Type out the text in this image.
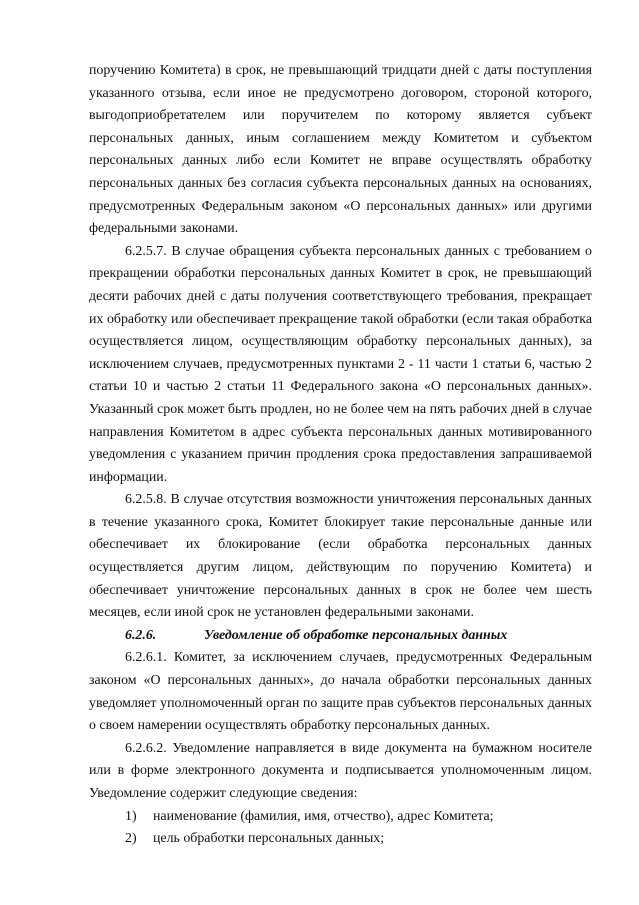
поручению Комитета) в срок, не превышающий тридцати дней с даты поступления указанного отзыва, если иное не предусмотрено договором, стороной которого, выгодоприобретателем или поручителем по которому является субъект персональных данных, иным соглашением между Комитетом и субъектом персональных данных либо если Комитет не вправе осуществлять обработку персональных данных без согласия субъекта персональных данных на основаниях, предусмотренных Федеральным законом «О персональных данных» или другими федеральными законами.

6.2.5.7. В случае обращения субъекта персональных данных с требованием о прекращении обработки персональных данных Комитет в срок, не превышающий десяти рабочих дней с даты получения соответствующего требования, прекращает их обработку или обеспечивает прекращение такой обработки (если такая обработка осуществляется лицом, осуществляющим обработку персональных данных), за исключением случаев, предусмотренных пунктами 2 - 11 части 1 статьи 6, частью 2 статьи 10 и частью 2 статьи 11 Федерального закона «О персональных данных». Указанный срок может быть продлен, но не более чем на пять рабочих дней в случае направления Комитетом в адрес субъекта персональных данных мотивированного уведомления с указанием причин продления срока предоставления запрашиваемой информации.

6.2.5.8. В случае отсутствия возможности уничтожения персональных данных в течение указанного срока, Комитет блокирует такие персональные данные или обеспечивает их блокирование (если обработка персональных данных осуществляется другим лицом, действующим по поручению Комитета) и обеспечивает уничтожение персональных данных в срок не более чем шесть месяцев, если иной срок не установлен федеральными законами.

6.2.6.	Уведомление об обработке персональных данных

6.2.6.1. Комитет, за исключением случаев, предусмотренных Федеральным законом «О персональных данных», до начала обработки персональных данных уведомляет уполномоченный орган по защите прав субъектов персональных данных о своем намерении осуществлять обработку персональных данных.

6.2.6.2. Уведомление направляется в виде документа на бумажном носителе или в форме электронного документа и подписывается уполномоченным лицом. Уведомление содержит следующие сведения:

1) наименование (фамилия, имя, отчество), адрес Комитета;
2) цель обработки персональных данных;
